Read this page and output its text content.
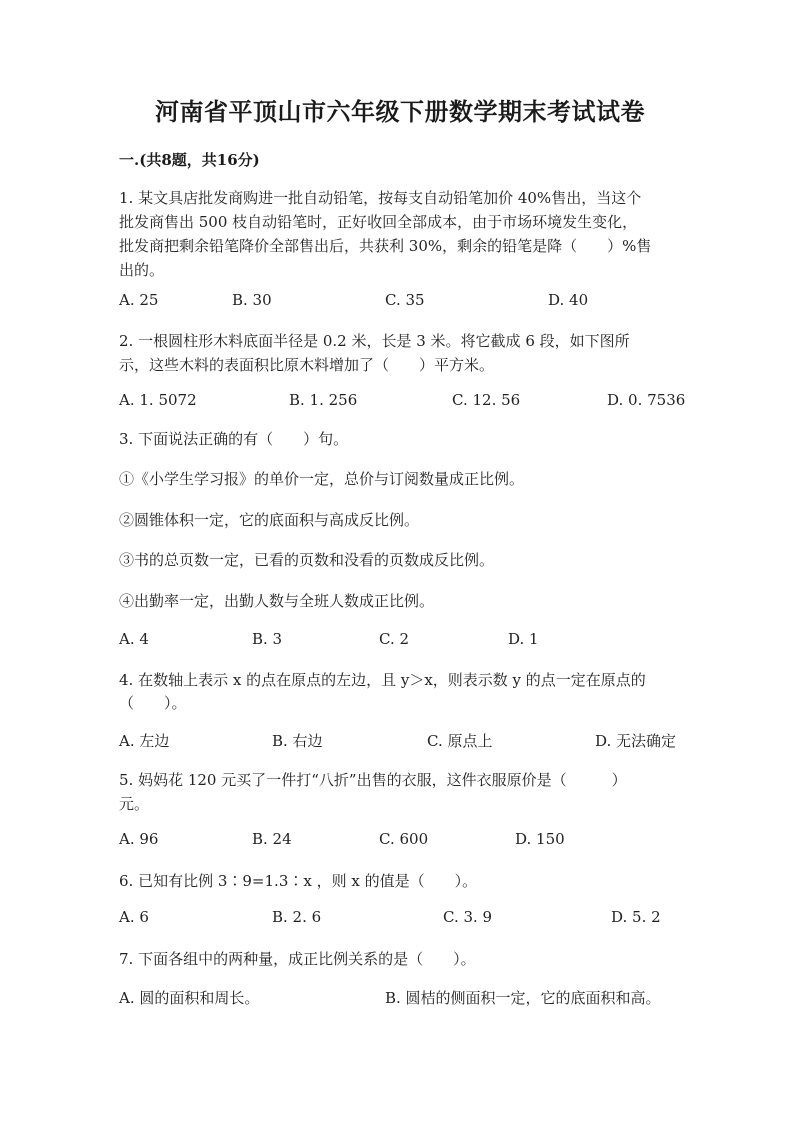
河南省平顶山市六年级下册数学期末考试试卷
一.(共8题，共16分)
1. 某文具店批发商购进一批自动铅笔，按每支自动铅笔加价 40%售出，当这个
批发商售出 500 枝自动铅笔时，正好收回全部成本，由于市场环境发生变化，
批发商把剩余铅笔降价全部售出后，共获利 30%，剩余的铅笔是降（　　）%售
出的。
A. 25	B. 30	C. 35	D. 40
2. 一根圆柱形木料底面半径是 0.2 米，长是 3 米。将它截成 6 段，如下图所
示，这些木料的表面积比原木料增加了（　　）平方米。
A. 1. 5072	B. 1. 256	C. 12. 56	D. 0. 7536
3. 下面说法正确的有（　　）句。
①《小学生学习报》的单价一定，总价与订阅数量成正比例。
②圆锥体积一定，它的底面积与高成反比例。
③书的总页数一定，已看的页数和没看的页数成反比例。
④出勤率一定，出勤人数与全班人数成正比例。
A. 4	B. 3	C. 2	D. 1
4. 在数轴上表示 x 的点在原点的左边，且 y＞x，则表示数 y 的点一定在原点的
（　　）。
A. 左边	B. 右边	C. 原点上	D. 无法确定
5. 妈妈花 120 元买了一件打“八折”出售的衣服，这件衣服原价是（　　　）
元。
A. 96	B. 24	C. 600	D. 150
6. 已知有比例 3∶9=1.3∶x ，则 x 的值是（　　）。
A. 6	B. 2. 6	C. 3. 9	D. 5. 2
7. 下面各组中的两种量，成正比例关系的是（　　）。
A. 圆的面积和周长。	B. 圆桔的侧面积一定，它的底面积和高。
